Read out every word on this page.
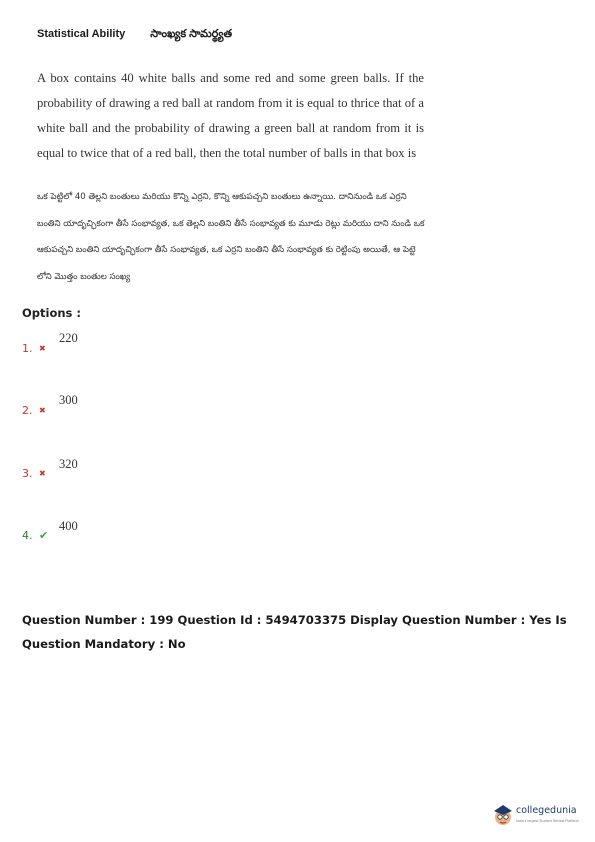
Statistical Ability సాంఖ్యక సామర్థ్యత
A box contains 40 white balls and some red and some green balls. If the probability of drawing a red ball at random from it is equal to thrice that of a white ball and the probability of drawing a green ball at random from it is equal to twice that of a red ball, then the total number of balls in that box is
ఒక పెట్టిలో 40 తెల్లని బంతులు మరియు కొన్ని ఎర్రని, కొన్ని ఆకుపచ్చని బంతులు ఉన్నాయి. దానినుండి ఒక ఎర్రని బంతిని యాదృచ్ఛికంగా తీసే సంభావ్యత, ఒక తెల్లని బంతిని తీసే సంభావ్యత కు మూడు రెట్లు మరియు దాని నుండి ఒక ఆకుపచ్చని బంతిని యాదృచ్ఛికంగా తీసే సంభావ్యత, ఒక ఎర్రని బంతిని తీసే సంభావ్యత కు రెట్టింపు అయితే, ఆ పెట్టె లోని మొత్తం బంతుల సంఖ్య
Options :
1. ✖
220
2. ✖
300
3. ✖
320
4. ✔
400
Question Number : 199 Question Id : 5494703375 Display Question Number : Yes Is Question Mandatory : No
collegedunia
India's largest Student Review Platform
